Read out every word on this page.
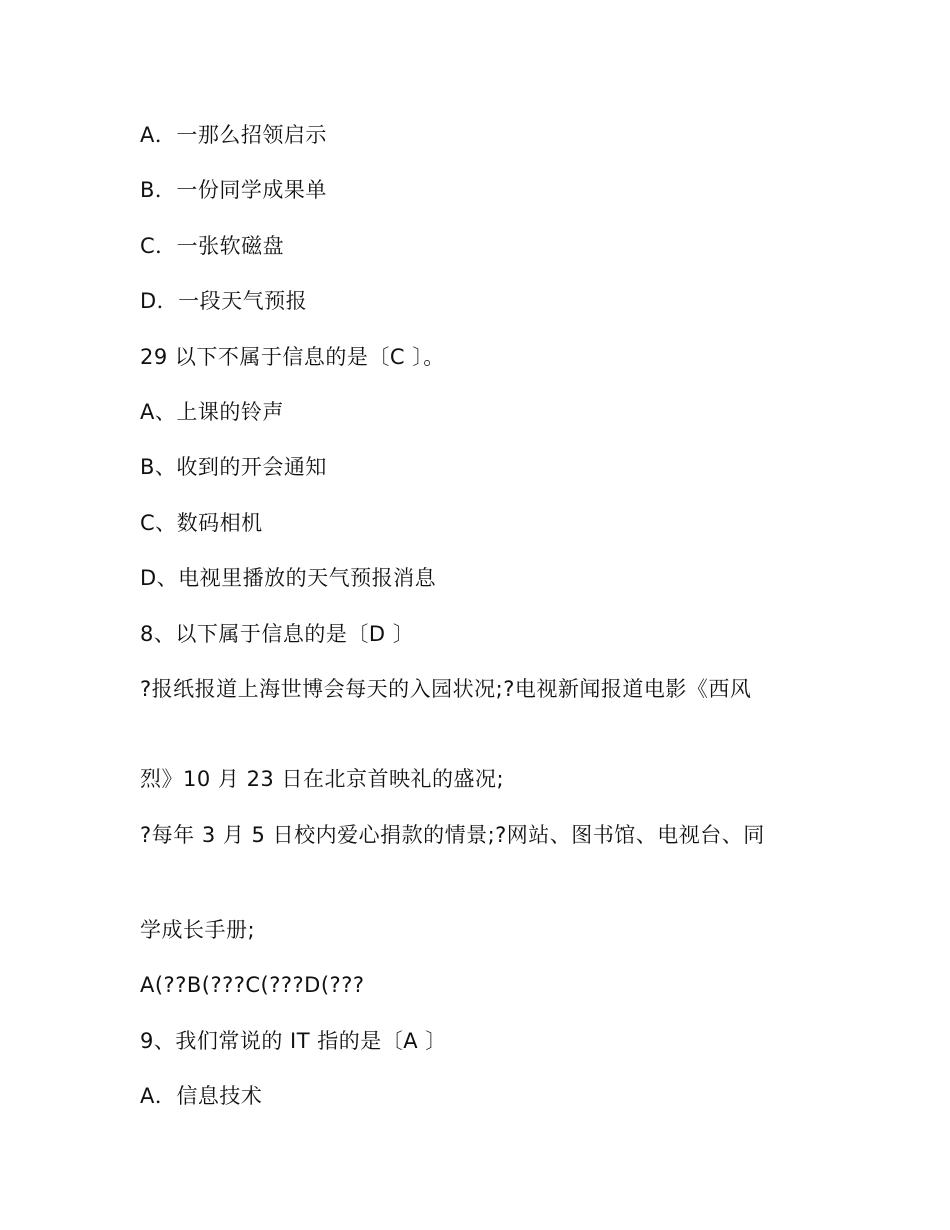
A．一那么招领启示
B．一份同学成果单
C．一张软磁盘
D．一段天气预报
29 以下不属于信息的是〔C 〕。
A、上课的铃声
B、收到的开会通知
C、数码相机
D、电视里播放的天气预报消息
8、以下属于信息的是〔D 〕
?报纸报道上海世博会每天的入园状况;?电视新闻报道电影《西风
烈》10 月 23 日在北京首映礼的盛况;
?每年 3 月 5 日校内爱心捐款的情景;?网站、图书馆、电视台、同
学成长手册;
A(??B(???C(???D(???
9、我们常说的 IT 指的是〔A 〕
A．信息技术
